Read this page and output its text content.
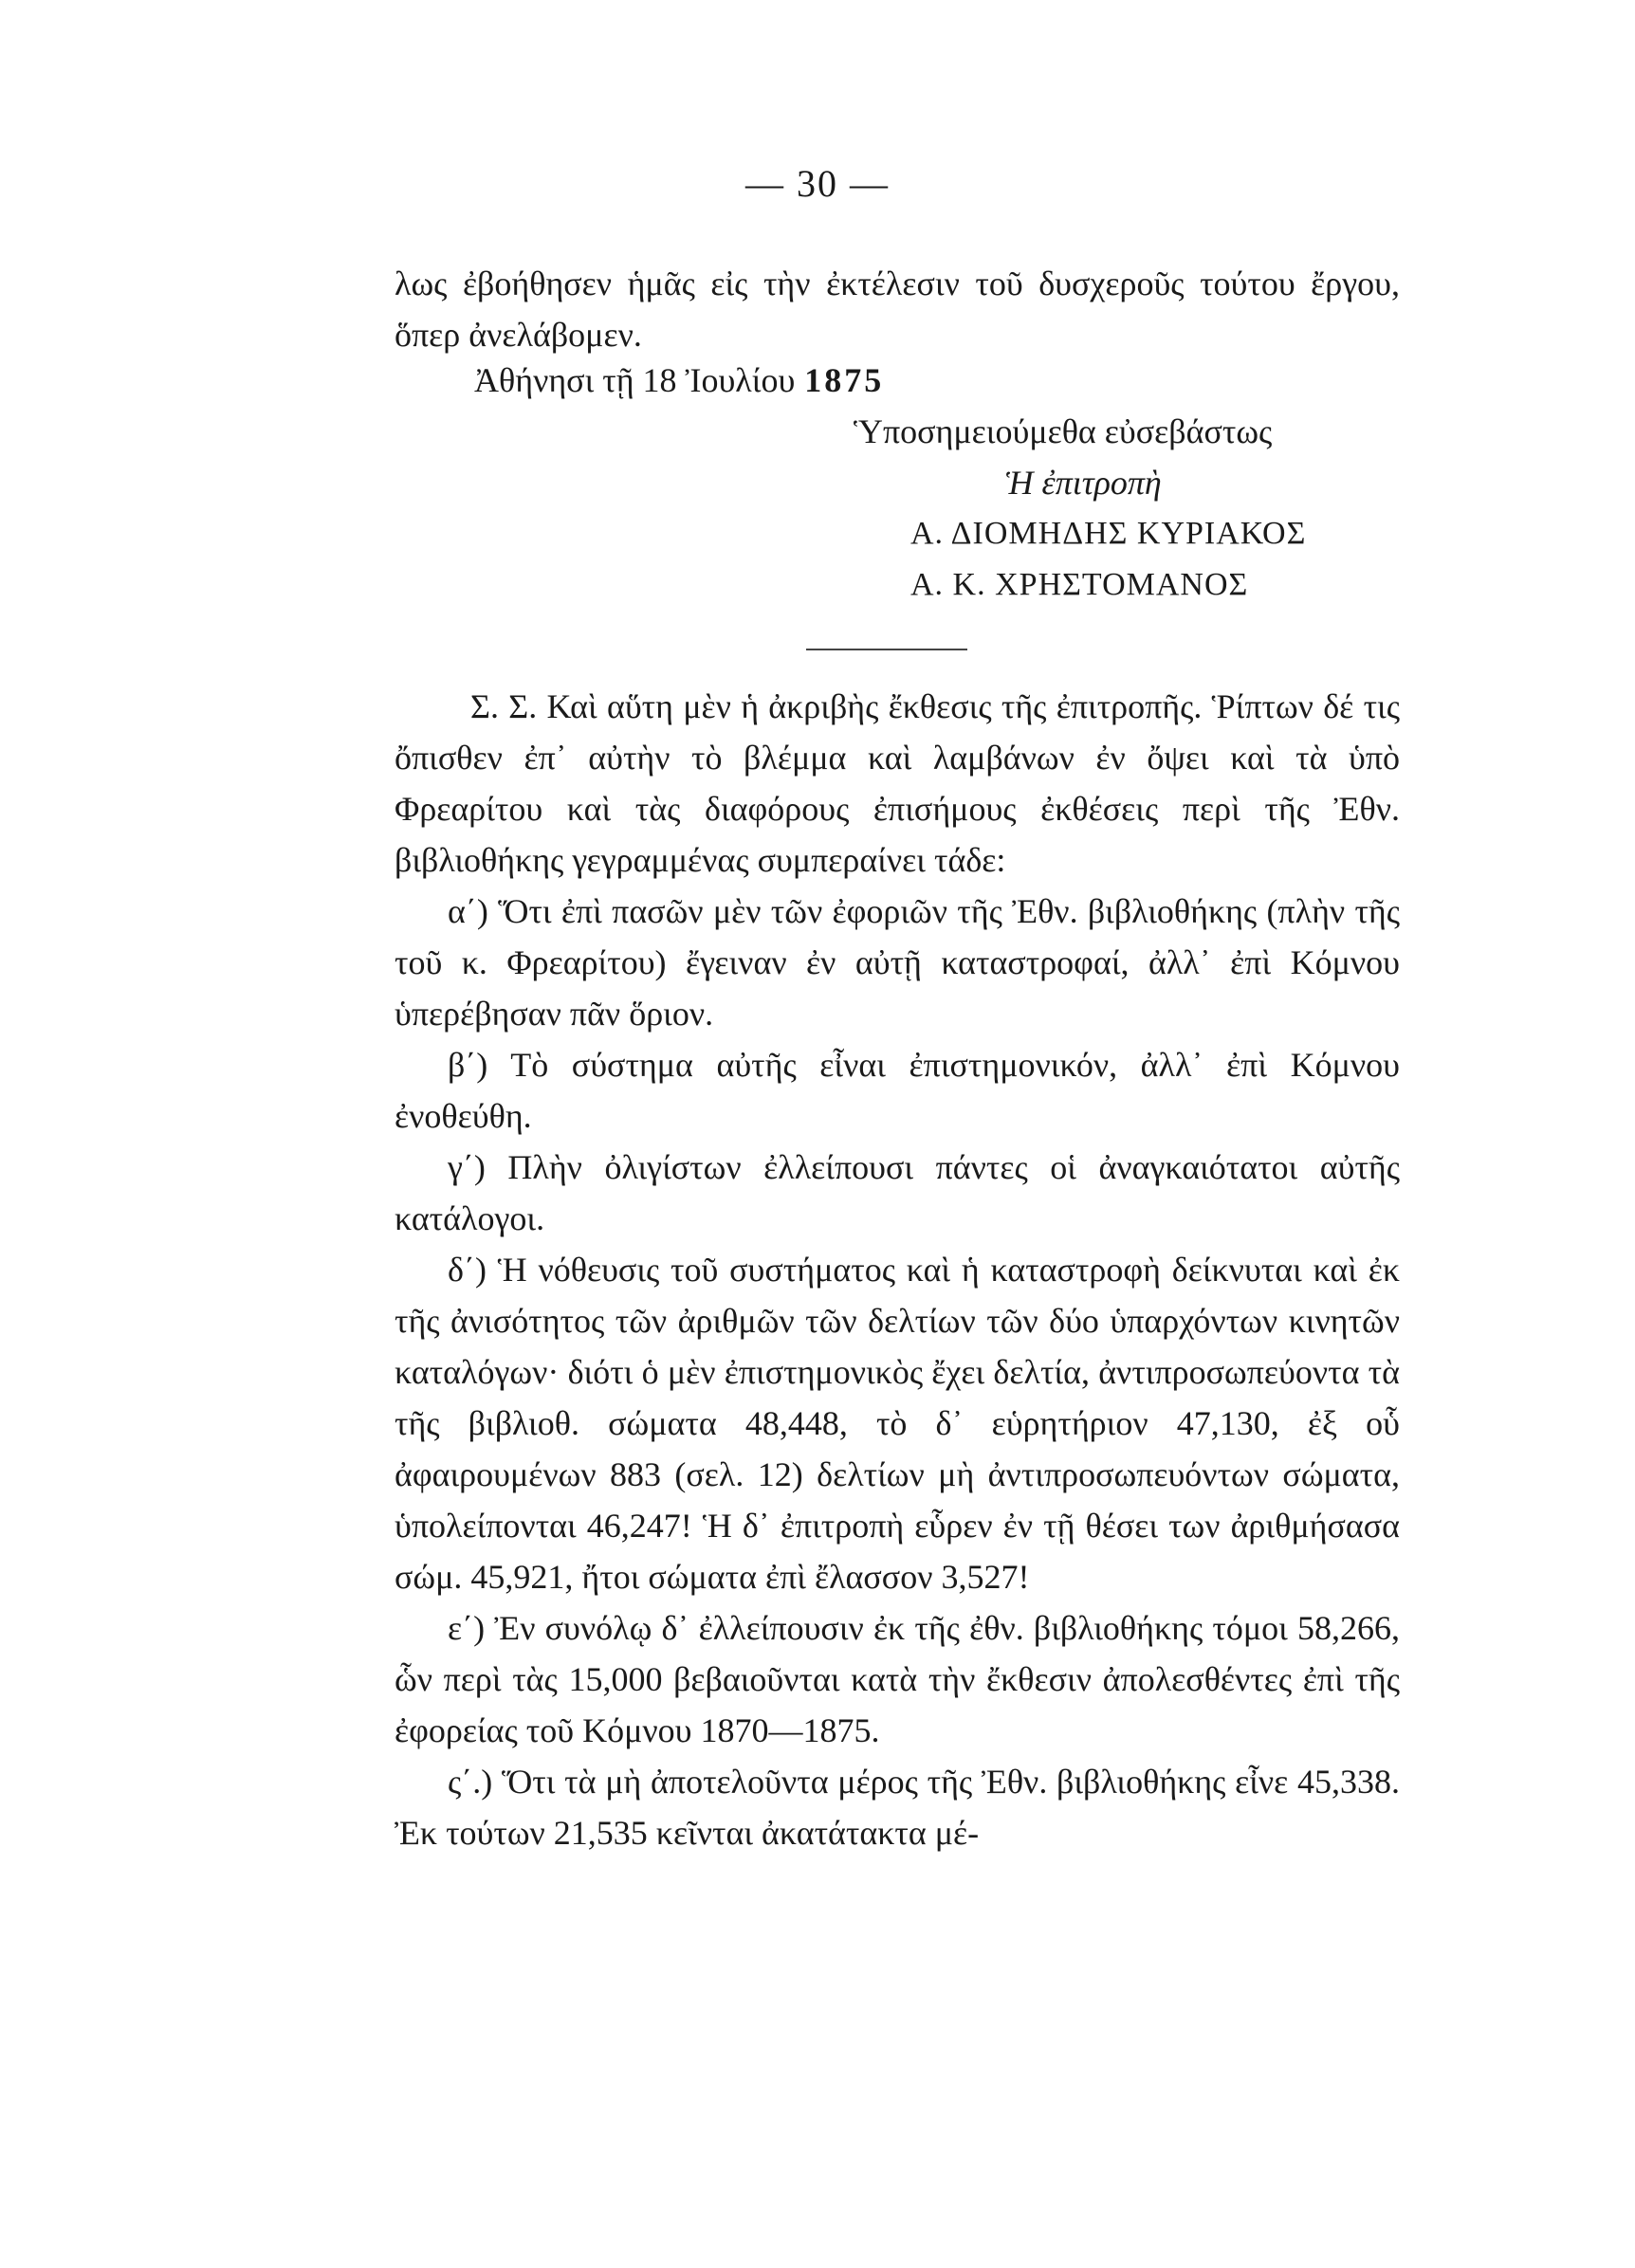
— 30 —
λως ἐβοήθησεν ἡμᾶς εἰς τὴν ἐκτέλεσιν τοῦ δυσχεροῦς τούτου ἔργου, ὅπερ ἀνελάβομεν.
Ἀθήνησι τῇ 18 Ἰουλίου 1875
Ὑποσημειούμεθα εὐσεβάστως
Ἡ ἐπιτροπὴ
Α. ΔΙΟΜΗΔΗΣ ΚΥΡΙΑΚΟΣ
Α. Κ. ΧΡΗΣΤΟΜΑΝΟΣ

Σ. Σ. Καὶ αὕτη μὲν ἡ ἀκριβὴς ἔκθεσις τῆς ἐπιτροπῆς. Ῥίπτων δέ τις ὄπισθεν ἐπ᾿ αὐτὴν τὸ βλέμμα καὶ λαμβάνων ἐν ὄψει καὶ τὰ ὑπὸ Φρεαρίτου καὶ τὰς διαφόρους ἐπισήμους ἐκθέσεις περὶ τῆς Ἐθν. βιβλιοθήκης γεγραμμένας συμπεραίνει τάδε:

α΄) Ὅτι ἐπὶ πασῶν μὲν τῶν ἐφοριῶν τῆς Ἐθν. βιβλιοθήκης (πλὴν τῆς τοῦ κ. Φρεαρίτου) ἔγειναν ἐν αὐτῇ καταστροφαί, ἀλλ᾿ ἐπὶ Κόμνου ὑπερέβησαν πᾶν ὅριον.

β΄) Τὸ σύστημα αὐτῆς εἶναι ἐπιστημονικόν, ἀλλ᾿ ἐπὶ Κόμνου ἐνοθεύθη.

γ΄) Πλὴν ὀλιγίστων ἐλλείπουσι πάντες οἱ ἀναγκαιότατοι αὐτῆς κατάλογοι.

δ΄) Ἡ νόθευσις τοῦ συστήματος καὶ ἡ καταστροφὴ δείκνυται καὶ ἐκ τῆς ἀνισότητος τῶν ἀριθμῶν τῶν δελτίων τῶν δύο ὑπαρχόντων κινητῶν καταλόγων· διότι ὁ μὲν ἐπιστημονικὸς ἔχει δελτία, ἀντιπροσωπεύοντα τὰ τῆς βιβλιοθ. σώματα 48,448, τὸ δ᾿ εὑρητήριον 47,130, ἐξ οὗ ἀφαιρουμένων 883 (σελ. 12) δελτίων μὴ ἀντιπροσωπευόντων σώματα, ὑπολείπονται 46,247! Ἡ δ᾿ ἐπιτροπὴ εὗρεν ἐν τῇ θέσει των ἀριθμήσασα σώμ. 45,921, ἤτοι σώματα ἐπὶ ἔλασσον 3,527!

ε΄) Ἐν συνόλῳ δ᾿ ἐλλείπουσιν ἐκ τῆς ἐθν. βιβλιοθήκης τόμοι 58,266, ὧν περὶ τὰς 15,000 βεβαιοῦνται κατὰ τὴν ἔκθεσιν ἀπολεσθέντες ἐπὶ τῆς ἐφορείας τοῦ Κόμνου 1870—1875.

ς΄.) Ὅτι τὰ μὴ ἀποτελοῦντα μέρος τῆς Ἐθν. βιβλιοθήκης εἶνε 45,338. Ἐκ τούτων 21,535 κεῖνται ἀκατάτακτα μέ-
